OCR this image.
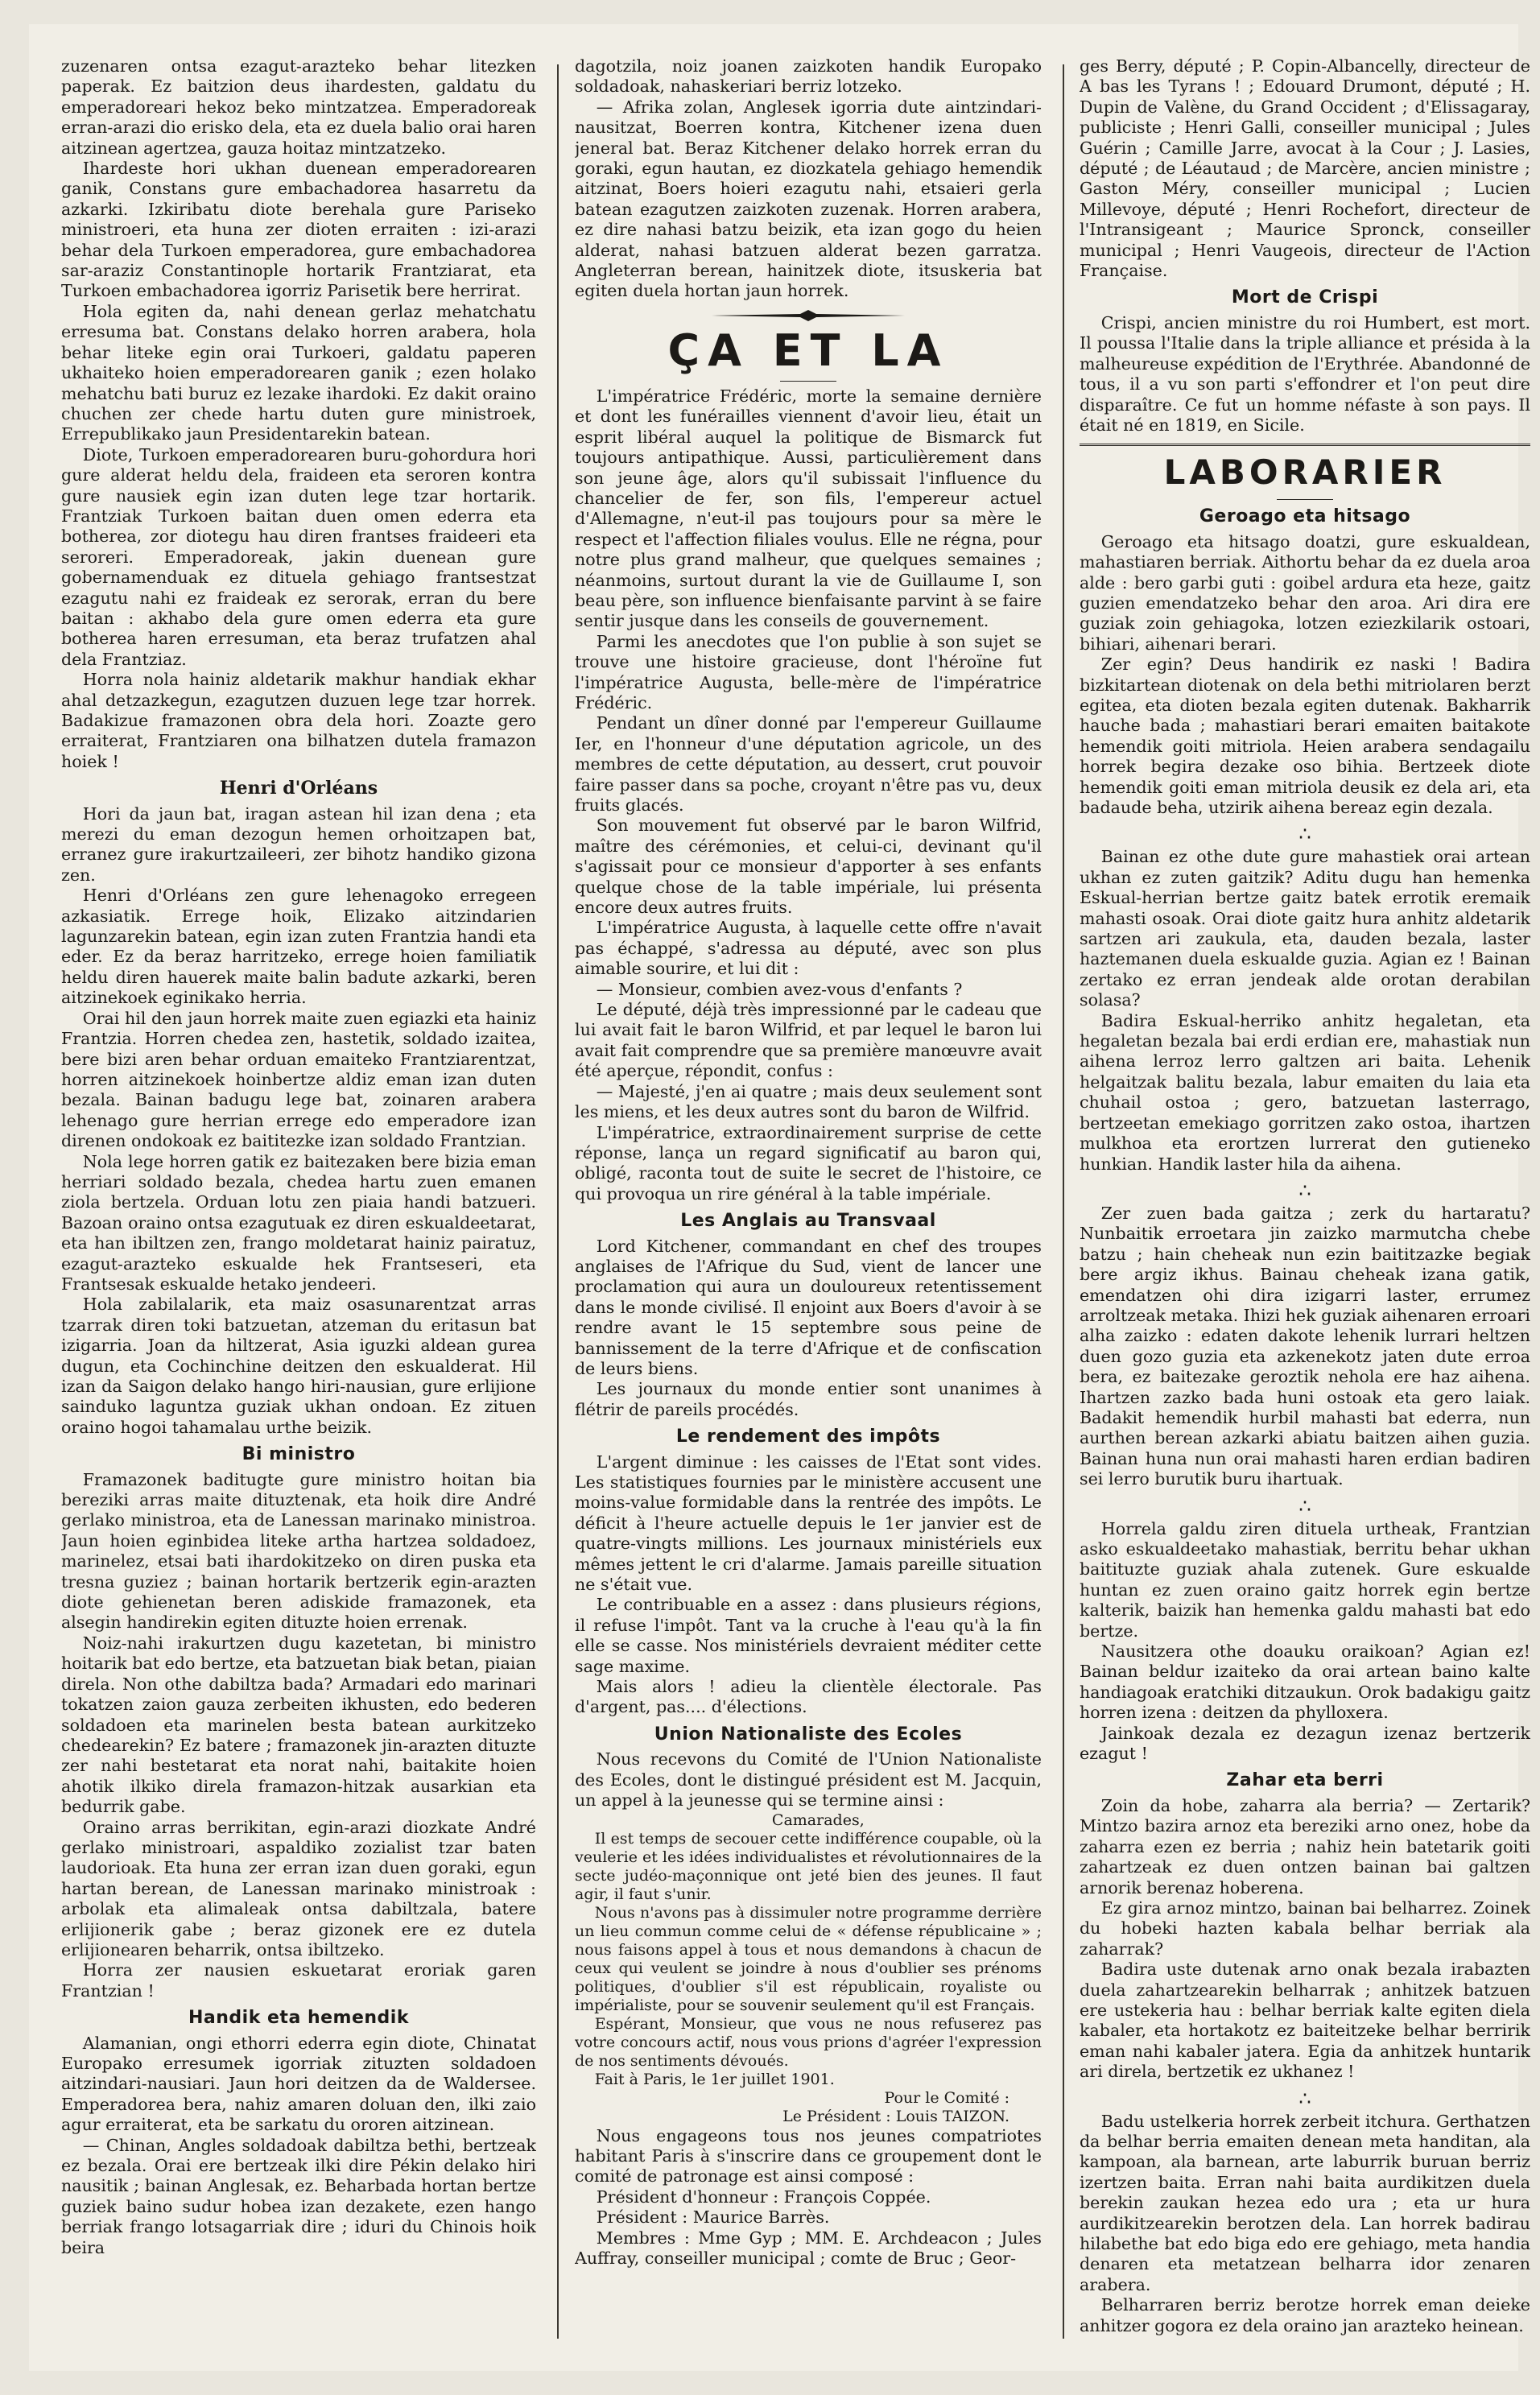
zuzenaren ontsa ezagut-arazteko behar litezken paperak. Ez baitzion deus ihardesten, galdatu du emperadoreari hekoz beko mintzatzea. Emperadoreak erran-arazi dio erisko dela, eta ez duela balio orai haren aitzinean agertzea, gauza hoitaz mintzatzeko.

Ihardeste hori ukhan duenean emperadorearen ganik, Constans gure embachadorea hasarretu da azkarki. Izkiribatu diote berehala gure Pariseko ministroeri, eta huna zer dioten erraiten : izi-arazi behar dela Turkoen emperadorea, gure embachadorea sar-araziz Constantinople hortarik Frantziarat, eta Turkoen embachadorea igorriz Parisetik bere herrirat.

Hola egiten da, nahi denean gerlaz mehatchatu erresuma bat. Constans delako horren arabera, hola behar liteke egin orai Turkoeri, galdatu paperen ukhaiteko hoien emperadorearen ganik ; ezen holako mehatchu bati buruz ez lezake ihardoki. Ez dakit oraino chuchen zer chede hartu duten gure ministroek, Errepublikako jaun Presidentarekin batean.

Diote, Turkoen emperadorearen buru-gohordura hori gure alderat heldu dela, fraideen eta seroren kontra gure nausiek egin izan duten lege tzar hortarik. Frantziak Turkoen baitan duen omen ederra eta botherea, zor diotegu hau diren frantses fraideeri eta seroreri. Emperadoreak, jakin duenean gure gobernamenduak ez dituela gehiago frantsestzat ezagutu nahi ez fraideak ez serorak, erran du bere baitan : akhabo dela gure omen ederra eta gure botherea haren erresuman, eta beraz trufatzen ahal dela Frantziaz.

Horra nola hainiz aldetarik makhur handiak ekhar ahal detzazkegun, ezagutzen duzuen lege tzar horrek. Badakizue framazonen obra dela hori. Zoazte gero erraiterat, Frantziaren ona bilhatzen dutela framazon hoiek !

Henri d'Orléans

Hori da jaun bat, iragan astean hil izan dena ; eta merezi du eman dezogun hemen orhoitzapen bat, erranez gure irakurtzaileeri, zer bihotz handiko gizona zen.

Henri d'Orléans zen gure lehenagoko erregeen azkasiatik. Errege hoik, Elizako aitzindarien lagunzarekin batean, egin izan zuten Frantzia handi eta eder. Ez da beraz harritzeko, errege hoien familiatik heldu diren hauerek maite balin badute azkarki, beren aitzinekoek eginikako herria.

Orai hil den jaun horrek maite zuen egiazki eta hainiz Frantzia. Horren chedea zen, hastetik, soldado izaitea, bere bizi aren behar orduan emaiteko Frantziarentzat, horren aitzinekoek hoinbertze aldiz eman izan duten bezala. Bainan badugu lege bat, zoinaren arabera lehenago gure herrian errege edo emperadore izan direnen ondokoak ez baititezke izan soldado Frantzian.

Nola lege horren gatik ez baitezaken bere bizia eman herriari soldado bezala, chedea hartu zuen emanen ziola bertzela. Orduan lotu zen piaia handi batzueri. Bazoan oraino ontsa ezagutuak ez diren eskualdeetarat, eta han ibiltzen zen, frango moldetarat hainiz pairatuz, ezagut-arazteko eskualde hek Frantseseri, eta Frantsesak eskualde hetako jendeeri.

Hola zabilalarik, eta maiz osasunarentzat arras tzarrak diren toki batzuetan, atzeman du eritasun bat izigarria. Joan da hiltzerat, Asia iguzki aldean gurea dugun, eta Cochinchine deitzen den eskualderat. Hil izan da Saigon delako hango hiri-nausian, gure erlijione sainduko laguntza guziak ukhan ondoan. Ez zituen oraino hogoi tahamalau urthe beizik.

Bi ministro

Framazonek baditugte gure ministro hoitan bia bereziki arras maite dituztenak, eta hoik dire André gerlako ministroa, eta de Lanessan marinako ministroa. Jaun hoien eginbidea liteke artha hartzea soldadoez, marinelez, etsai bati ihardokitzeko on diren puska eta tresna guziez ; bainan hortarik bertzerik egin-arazten diote gehienetan beren adiskide framazonek, eta alsegin handirekin egiten dituzte hoien errenak.

Noiz-nahi irakurtzen dugu kazetetan, bi ministro hoitarik bat edo bertze, eta batzuetan biak betan, piaian direla. Non othe dabiltza bada? Armadari edo marinari tokatzen zaion gauza zerbeiten ikhusten, edo bederen soldadoen eta marinelen besta batean aurkitzeko chedearekin? Ez batere ; framazonek jin-arazten dituzte zer nahi bestetarat eta norat nahi, baitakite hoien ahotik ilkiko direla framazon-hitzak ausarkian eta bedurrik gabe.

Oraino arras berrikitan, egin-arazi diozkate André gerlako ministroari, aspaldiko zozialist tzar baten laudorioak. Eta huna zer erran izan duen goraki, egun hartan berean, de Lanessan marinako ministroak : arbolak eta alimaleak ontsa dabiltzala, batere erlijionerik gabe ; beraz gizonek ere ez dutela erlijionearen beharrik, ontsa ibiltzeko.

Horra zer nausien eskuetarat eroriak garen Frantzian !

Handik eta hemendik

Alamanian, ongi ethorri ederra egin diote, Chinatat Europako erresumek igorriak zituzten soldadoen aitzindari-nausiari. Jaun hori deitzen da de Waldersee. Emperadorea bera, nahiz amaren doluan den, ilki zaio agur erraiterat, eta be sarkatu du ororen aitzinean.

— Chinan, Angles soldadoak dabiltza bethi, bertzeak ez bezala. Orai ere bertzeak ilki dire Pékin delako hiri nausitik ; bainan Anglesak, ez. Beharbada hortan bertze guziek baino sudur hobea izan dezakete, ezen hango berriak frango lotsagarriak dire ; iduri du Chinois hoik beira

dagotzila, noiz joanen zaizkoten handik Europako soldadoak, nahaskeriari berriz lotzeko.

— Afrika zolan, Anglesek igorria dute aintzindari-nausitzat, Boerren kontra, Kitchener izena duen jeneral bat. Beraz Kitchener delako horrek erran du goraki, egun hautan, ez diozkatela gehiago hemendik aitzinat, Boers hoieri ezagutu nahi, etsaieri gerla batean ezagutzen zaizkoten zuzenak. Horren arabera, ez dire nahasi batzu beizik, eta izan gogo du heien alderat, nahasi batzuen alderat bezen garratza. Angleterran berean, hainitzek diote, itsuskeria bat egiten duela hortan jaun horrek.

ÇA ET LA

L'impératrice Frédéric, morte la semaine dernière et dont les funérailles viennent d'avoir lieu, était un esprit libéral auquel la politique de Bismarck fut toujours antipathique. Aussi, particulièrement dans son jeune âge, alors qu'il subissait l'influence du chancelier de fer, son fils, l'empereur actuel d'Allemagne, n'eut-il pas toujours pour sa mère le respect et l'affection filiales voulus. Elle ne régna, pour notre plus grand malheur, que quelques semaines ; néanmoins, surtout durant la vie de Guillaume I, son beau père, son influence bienfaisante parvint à se faire sentir jusque dans les conseils de gouvernement.

Parmi les anecdotes que l'on publie à son sujet se trouve une histoire gracieuse, dont l'héroïne fut l'impératrice Augusta, belle-mère de l'impératrice Frédéric.

Pendant un dîner donné par l'empereur Guillaume Ier, en l'honneur d'une députation agricole, un des membres de cette députation, au dessert, crut pouvoir faire passer dans sa poche, croyant n'être pas vu, deux fruits glacés.

Son mouvement fut observé par le baron Wilfrid, maître des cérémonies, et celui-ci, devinant qu'il s'agissait pour ce monsieur d'apporter à ses enfants quelque chose de la table impériale, lui présenta encore deux autres fruits.

L'impératrice Augusta, à laquelle cette offre n'avait pas échappé, s'adressa au député, avec son plus aimable sourire, et lui dit :

— Monsieur, combien avez-vous d'enfants ?

Le député, déjà très impressionné par le cadeau que lui avait fait le baron Wilfrid, et par lequel le baron lui avait fait comprendre que sa première manœuvre avait été aperçue, répondit, confus :

— Majesté, j'en ai quatre ; mais deux seulement sont les miens, et les deux autres sont du baron de Wilfrid.

L'impératrice, extraordinairement surprise de cette réponse, lança un regard significatif au baron qui, obligé, raconta tout de suite le secret de l'histoire, ce qui provoqua un rire général à la table impériale.

Les Anglais au Transvaal

Lord Kitchener, commandant en chef des troupes anglaises de l'Afrique du Sud, vient de lancer une proclamation qui aura un douloureux retentissement dans le monde civilisé. Il enjoint aux Boers d'avoir à se rendre avant le 15 septembre sous peine de bannissement de la terre d'Afrique et de confiscation de leurs biens.

Les journaux du monde entier sont unanimes à flétrir de pareils procédés.

Le rendement des impôts

L'argent diminue : les caisses de l'Etat sont vides. Les statistiques fournies par le ministère accusent une moins-value formidable dans la rentrée des impôts. Le déficit à l'heure actuelle depuis le 1er janvier est de quatre-vingts millions. Les journaux ministériels eux mêmes jettent le cri d'alarme. Jamais pareille situation ne s'était vue.

Le contribuable en a assez : dans plusieurs régions, il refuse l'impôt. Tant va la cruche à l'eau qu'à la fin elle se casse. Nos ministériels devraient méditer cette sage maxime.

Mais alors ! adieu la clientèle électorale. Pas d'argent, pas.... d'élections.

Union Nationaliste des Ecoles

Nous recevons du Comité de l'Union Nationaliste des Ecoles, dont le distingué président est M. Jacquin, un appel à la jeunesse qui se termine ainsi :

Camarades,

Il est temps de secouer cette indifférence coupable, où la veulerie et les idées individualistes et révolutionnaires de la secte judéo-maçonnique ont jeté bien des jeunes. Il faut agir, il faut s'unir.

Nous n'avons pas à dissimuler notre programme derrière un lieu commun comme celui de « défense républicaine » ; nous faisons appel à tous et nous demandons à chacun de ceux qui veulent se joindre à nous d'oublier ses prénoms politiques, d'oublier s'il est républicain, royaliste ou impérialiste, pour se souvenir seulement qu'il est Français.

Espérant, Monsieur, que vous ne nous refuserez pas votre concours actif, nous vous prions d'agréer l'expression de nos sentiments dévoués.

Fait à Paris, le 1er juillet 1901.

Pour le Comité :

Le Président : Louis TAIZON.

Nous engageons tous nos jeunes compatriotes habitant Paris à s'inscrire dans ce groupement dont le comité de patronage est ainsi composé :

Président d'honneur : François Coppée.

Président : Maurice Barrès.

Membres : Mme Gyp ; MM. E. Archdeacon ; Jules Auffray, conseiller municipal ; comte de Bruc ; Geor-

ges Berry, député ; P. Copin-Albancelly, directeur de A bas les Tyrans ! ; Edouard Drumont, député ; H. Dupin de Valène, du Grand Occident ; d'Elissagaray, publiciste ; Henri Galli, conseiller municipal ; Jules Guérin ; Camille Jarre, avocat à la Cour ; J. Lasies, député ; de Léautaud ; de Marcère, ancien ministre ; Gaston Méry, conseiller municipal ; Lucien Millevoye, député ; Henri Rochefort, directeur de l'Intransigeant ; Maurice Spronck, conseiller municipal ; Henri Vaugeois, directeur de l'Action Française.

Mort de Crispi

Crispi, ancien ministre du roi Humbert, est mort. Il poussa l'Italie dans la triple alliance et présida à la malheureuse expédition de l'Erythrée. Abandonné de tous, il a vu son parti s'effondrer et l'on peut dire disparaître. Ce fut un homme néfaste à son pays. Il était né en 1819, en Sicile.

LABORARIER
Geroago eta hitsago

Geroago eta hitsago doatzi, gure eskualdean, mahastiaren berriak. Aithortu behar da ez duela aroa alde : bero garbi guti : goibel ardura eta heze, gaitz guzien emendatzeko behar den aroa. Ari dira ere guziak zoin gehiagoka, lotzen eziezkilarik ostoari, bihiari, aihenari berari.

Zer egin? Deus handirik ez naski ! Badira bizkitartean diotenak on dela bethi mitriolaren berzt egitea, eta dioten bezala egiten dutenak. Bakharrik hauche bada ; mahastiari berari emaiten baitakote hemendik goiti mitriola. Heien arabera sendagailu horrek begira dezake oso bihia. Bertzeek diote hemendik goiti eman mitriola deusik ez dela ari, eta badaude beha, utzirik aihena bereaz egin dezala.

∴

Bainan ez othe dute gure mahastiek orai artean ukhan ez zuten gaitzik? Aditu dugu han hemenka Eskual-herrian bertze gaitz batek errotik eremaik mahasti osoak. Orai diote gaitz hura anhitz aldetarik sartzen ari zaukula, eta, dauden bezala, laster haztemanen duela eskualde guzia. Agian ez ! Bainan zertako ez erran jendeak alde orotan derabilan solasa?

Badira Eskual-herriko anhitz hegaletan, eta hegaletan bezala bai erdi erdian ere, mahastiak nun aihena lerroz lerro galtzen ari baita. Lehenik helgaitzak balitu bezala, labur emaiten du laia eta chuhail ostoa ; gero, batzuetan lasterrago, bertzeetan emekiago gorritzen zako ostoa, ihartzen mulkhoa eta erortzen lurrerat den gutieneko hunkian. Handik laster hila da aihena.

∴

Zer zuen bada gaitza ; zerk du hartaratu? Nunbaitik erroetara jin zaizko marmutcha chebe batzu ; hain cheheak nun ezin baititzazke begiak bere argiz ikhus. Bainau cheheak izana gatik, emendatzen ohi dira izigarri laster, errumez arroltzeak metaka. Ihizi hek guziak aihenaren erroari alha zaizko : edaten dakote lehenik lurrari heltzen duen gozo guzia eta azkenekotz jaten dute erroa bera, ez baitezake geroztik nehola ere haz aihena. Ihartzen zazko bada huni ostoak eta gero laiak. Badakit hemendik hurbil mahasti bat ederra, nun aurthen berean azkarki abiatu baitzen aihen guzia. Bainan huna nun orai mahasti haren erdian badiren sei lerro burutik buru ihartuak.

∴

Horrela galdu ziren dituela urtheak, Frantzian asko eskualdeetako mahastiak, berritu behar ukhan baitituzte guziak ahala zutenek. Gure eskualde huntan ez zuen oraino gaitz horrek egin bertze kalterik, baizik han hemenka galdu mahasti bat edo bertze.

Nausitzera othe doauku oraikoan? Agian ez! Bainan beldur izaiteko da orai artean baino kalte handiagoak eratchiki ditzaukun. Orok badakigu gaitz horren izena : deitzen da phylloxera.

Jainkoak dezala ez dezagun izenaz bertzerik ezagut !

Zahar eta berri

Zoin da hobe, zaharra ala berria? — Zertarik? Mintzo bazira arnoz eta bereziki arno onez, hobe da zaharra ezen ez berria ; nahiz hein batetarik goiti zahartzeak ez duen ontzen bainan bai galtzen arnorik berenaz hoberena.

Ez gira arnoz mintzo, bainan bai belharrez. Zoinek du hobeki hazten kabala belhar berriak ala zaharrak?

Badira uste dutenak arno onak bezala irabazten duela zahartzearekin belharrak ; anhitzek batzuen ere ustekeria hau : belhar berriak kalte egiten diela kabaler, eta hortakotz ez baiteitzeke belhar berririk eman nahi kabaler jatera. Egia da anhitzek huntarik ari direla, bertzetik ez ukhanez !

∴

Badu ustelkeria horrek zerbeit itchura. Gerthatzen da belhar berria emaiten denean meta handitan, ala kampoan, ala barnean, arte laburrik buruan berriz izertzen baita. Erran nahi baita aurdikitzen duela berekin zaukan hezea edo ura ; eta ur hura aurdikitzearekin berotzen dela. Lan horrek badirau hilabethe bat edo biga edo ere gehiago, meta handia denaren eta metatzean belharra idor zenaren arabera.

Belharraren berriz berotze horrek eman deieke anhitzer gogora ez dela oraino jan arazteko heinean.
